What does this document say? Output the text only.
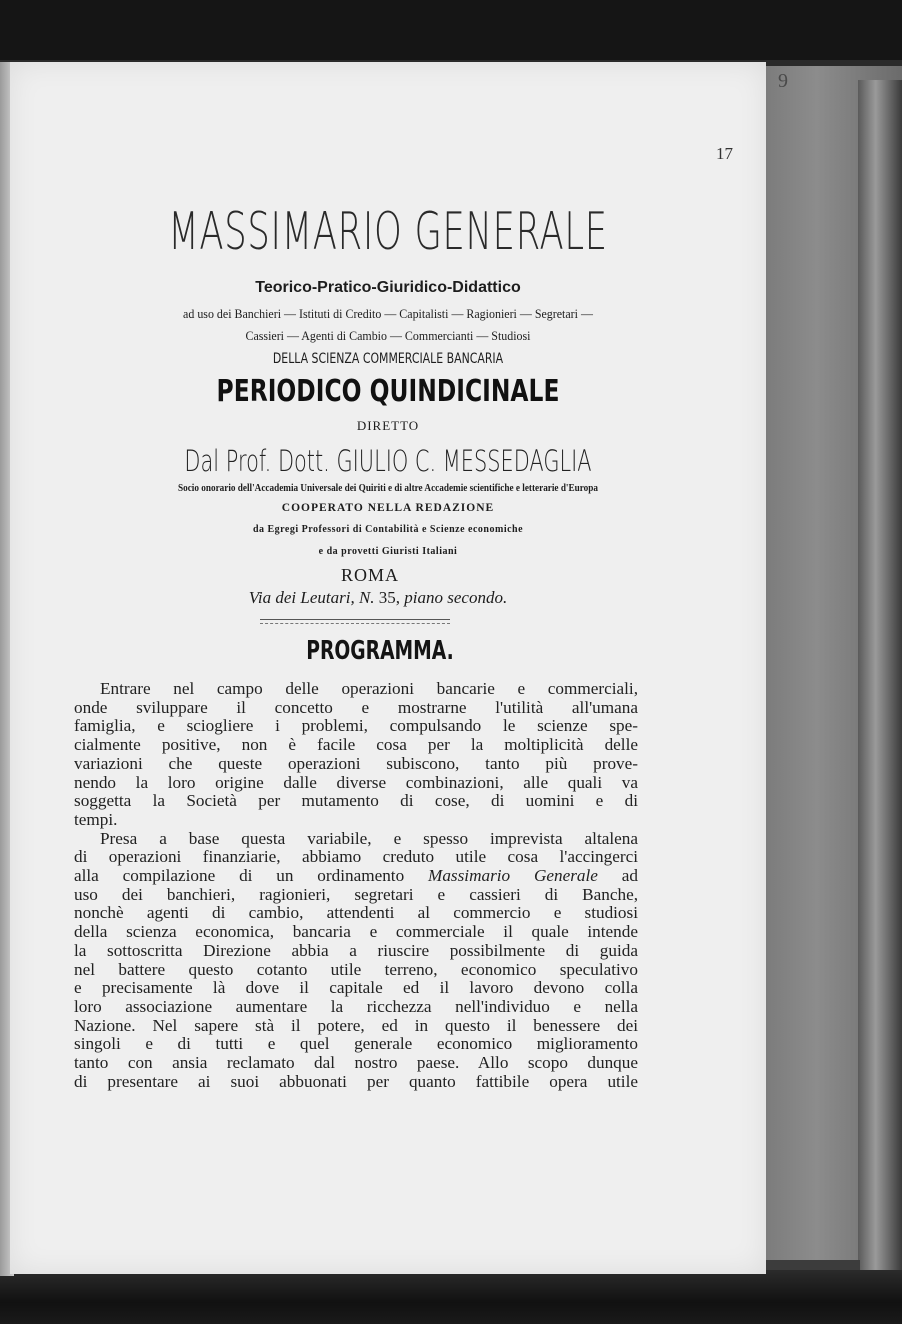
9
17
MASSIMARIO GENERALE
Teorico-Pratico-Giuridico-Didattico
ad uso dei Banchieri — Istituti di Credito — Capitalisti — Ragionieri — Segretari —
Cassieri — Agenti di Cambio — Commercianti — Studiosi
DELLA SCIENZA COMMERCIALE BANCARIA
PERIODICO QUINDICINALE
DIRETTO
Dal Prof. Dott. GIULIO C. MESSEDAGLIA
Socio onorario dell'Accademia Universale dei Quiriti e di altre Accademie scientifiche e letterarie d'Europa
COOPERATO NELLA REDAZIONE
da Egregi Professori di Contabilità e Scienze economiche
e da provetti Giuristi Italiani
ROMA
Via dei Leutari, N. 35, piano secondo.
PROGRAMMA.
Entrare nel campo delle operazioni bancarie e commerciali,
onde sviluppare il concetto e mostrarne l'utilità all'umana
famiglia, e sciogliere i problemi, compulsando le scienze spe-
cialmente positive, non è facile cosa per la moltiplicità delle
variazioni che queste operazioni subiscono, tanto più prove-
nendo la loro origine dalle diverse combinazioni, alle quali va
soggetta la Società per mutamento di cose, di uomini e di
tempi.
Presa a base questa variabile, e spesso imprevista altalena
di operazioni finanziarie, abbiamo creduto utile cosa l'accingerci
alla compilazione di un ordinamento Massimario Generale ad
uso dei banchieri, ragionieri, segretari e cassieri di Banche,
nonchè agenti di cambio, attendenti al commercio e studiosi
della scienza economica, bancaria e commerciale il quale intende
la sottoscritta Direzione abbia a riuscire possibilmente di guida
nel battere questo cotanto utile terreno, economico speculativo
e precisamente là dove il capitale ed il lavoro devono colla
loro associazione aumentare la ricchezza nell'individuo e nella
Nazione. Nel sapere stà il potere, ed in questo il benessere dei
singoli e di tutti e quel generale economico miglioramento
tanto con ansia reclamato dal nostro paese. Allo scopo dunque
di presentare ai suoi abbuonati per quanto fattibile opera utile
